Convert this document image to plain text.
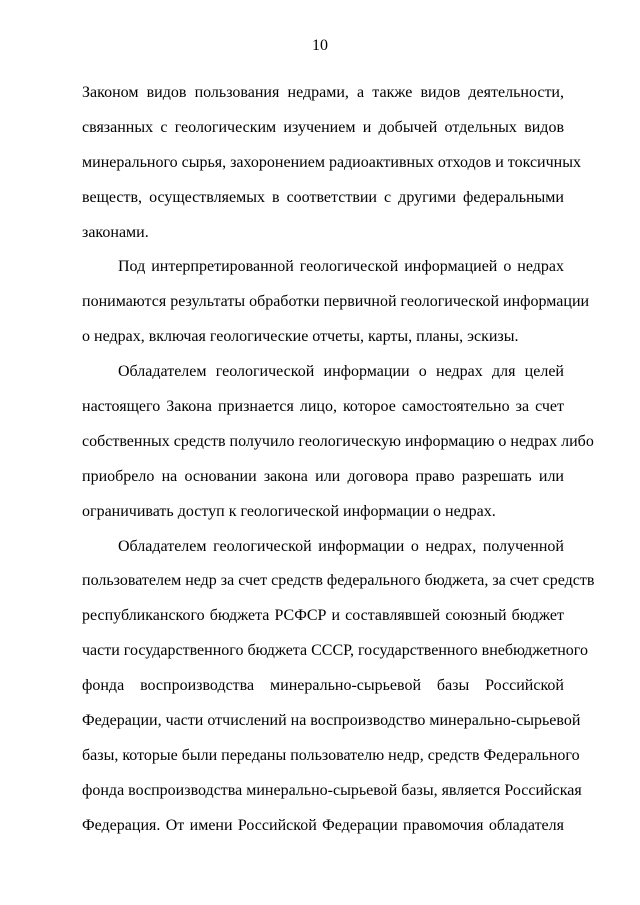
10
Законом видов пользования недрами, а также видов деятельности,
связанных с геологическим изучением и добычей отдельных видов
минерального сырья, захоронением радиоактивных отходов и токсичных
веществ, осуществляемых в соответствии с другими федеральными
законами.
Под интерпретированной геологической информацией о недрах
понимаются результаты обработки первичной геологической информации
о недрах, включая геологические отчеты, карты, планы, эскизы.
Обладателем геологической информации о недрах для целей
настоящего Закона признается лицо, которое самостоятельно за счет
собственных средств получило геологическую информацию о недрах либо
приобрело на основании закона или договора право разрешать или
ограничивать доступ к геологической информации о недрах.
Обладателем геологической информации о недрах, полученной
пользователем недр за счет средств федерального бюджета, за счет средств
республиканского бюджета РСФСР и составлявшей союзный бюджет
части государственного бюджета СССР, государственного внебюджетного
фонда воспроизводства минерально-сырьевой базы Российской
Федерации, части отчислений на воспроизводство минерально-сырьевой
базы, которые были переданы пользователю недр, средств Федерального
фонда воспроизводства минерально-сырьевой базы, является Российская
Федерация. От имени Российской Федерации правомочия обладателя
